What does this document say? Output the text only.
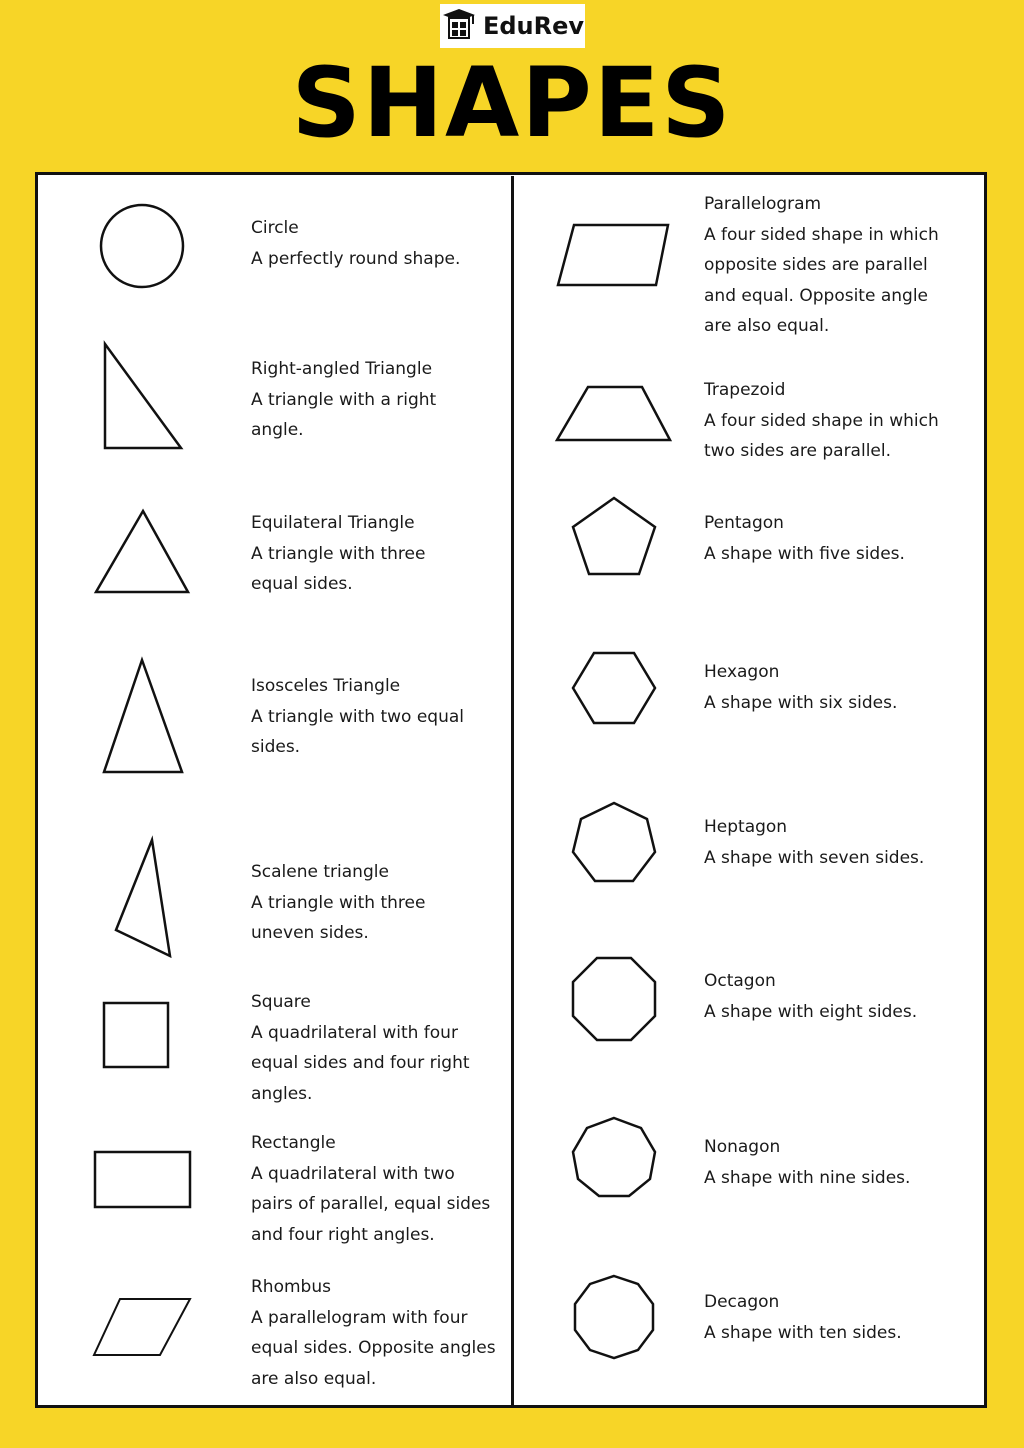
EduRev
SHAPES
Circle
A perfectly round shape.
Right-angled Triangle
A triangle with a right angle.
Equilateral Triangle
A triangle with three equal sides.
Isosceles Triangle
A triangle with two equal sides.
Scalene triangle
A triangle with three uneven sides.
Square
A quadrilateral with four equal sides and four right angles.
Rectangle
A quadrilateral with two pairs of parallel, equal sides and four right angles.
Rhombus
A parallelogram with four equal sides. Opposite angles are also equal.
Parallelogram
A four sided shape in which opposite sides are parallel and equal. Opposite angle are also equal.
Trapezoid
A four sided shape in which two sides are parallel.
Pentagon
A shape with five sides.
Hexagon
A shape with six sides.
Heptagon
A shape with seven sides.
Octagon
A shape with eight sides.
Nonagon
A shape with nine sides.
Decagon
A shape with ten sides.
